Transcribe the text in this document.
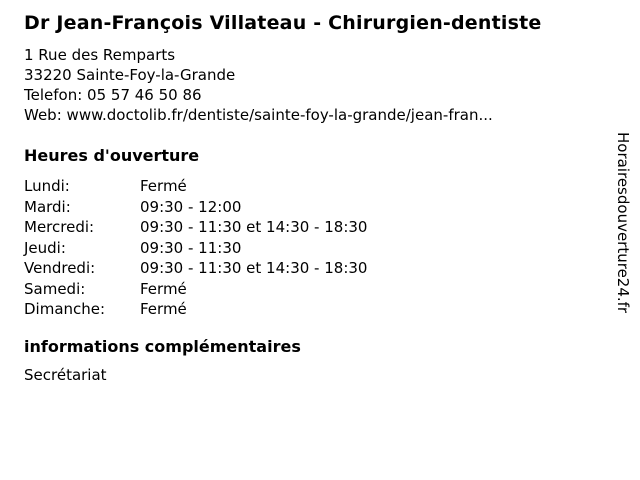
Dr Jean-François Villateau - Chirurgien-dentiste
1 Rue des Remparts
33220 Sainte-Foy-la-Grande
Telefon: 05 57 46 50 86
Web: www.doctolib.fr/dentiste/sainte-foy-la-grande/jean-fran...
Heures d'ouverture
Lundi:	Fermé
Mardi:	09:30 - 12:00
Mercredi:	09:30 - 11:30 et 14:30 - 18:30
Jeudi:	09:30 - 11:30
Vendredi:	09:30 - 11:30 et 14:30 - 18:30
Samedi:	Fermé
Dimanche:	Fermé
informations complémentaires
Secrétariat
Horairesdouverture24.fr
